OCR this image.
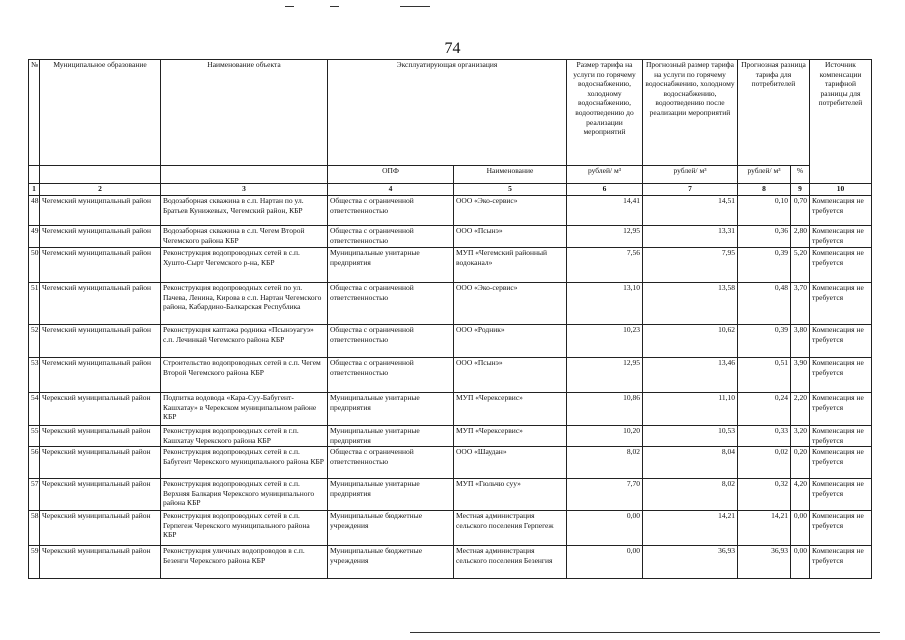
74
№	Муниципальное образование	Наименование объекта	Эксплуатирующая организация		Размер тарифа на услуги по горячему водоснабжению, холодному водоснабжению, водоотведению до реализации мероприятий	Прогнозный размер тарифа на услуги по горячему водоснабжению, холодному водоснабжению, водоотведению после реализации мероприятий	Прогнозная разница тарифа для потребителей		Источник компенсации тарифной разницы для потребителей

			ОПФ	Наименование	рублей/ м³	рублей/ м³	рублей/ м³	%	
1	2	3	4	5	6	7	8	9	10
48	Чегемский муниципальный район	Водозаборная скважина в с.п. Нартан по ул. Братьев Кунижевых, Чегемский район, КБР	Общества с ограниченной ответственностью	ООО «Эко-сервис»	14,41	14,51	0,10	0,70	Компенсация не требуется
49	Чегемский муниципальный район	Водозаборная скважина в с.п. Чегем Второй Чегемского района КБР	Общества с ограниченной ответственностью	ООО «Псынэ»	12,95	13,31	0,36	2,80	Компенсация не требуется
50	Чегемский муниципальный район	Реконструкция водопроводных сетей в с.п. Хушто-Сырт Чегемского р-на, КБР	Муниципальные унитарные предприятия	МУП «Чегемский районный водоканал»	7,56	7,95	0,39	5,20	Компенсация не требуется
51	Чегемский муниципальный район	Реконструкция водопроводных сетей по ул. Пачева, Ленина, Кирова в с.п. Нартан Чегемского района, Кабардино-Балкарская Республика	Общества с ограниченной ответственностью	ООО «Эко-сервис»	13,10	13,58	0,48	3,70	Компенсация не требуется
52	Чегемский муниципальный район	Реконструкция каптажа родника «Псынэуагуэ» с.п. Лечинкай Чегемского района КБР	Общества с ограниченной ответственностью	ООО «Родник»	10,23	10,62	0,39	3,80	Компенсация не требуется
53	Чегемский муниципальный район	Строительство водопроводных сетей в с.п. Чегем Второй Чегемского района КБР	Общества с ограниченной ответственностью	ООО «Псынэ»	12,95	13,46	0,51	3,90	Компенсация не требуется
54	Черекский муниципальный район	Подпитка водовода «Кара-Суу-Бабугент-Кашхатау» в Черекском муниципальном районе КБР	Муниципальные унитарные предприятия	МУП «Черексервис»	10,86	11,10	0,24	2,20	Компенсация не требуется
55	Черекский муниципальный район	Реконструкция водопроводных сетей в г.п. Кашхатау Черекского района КБР	Муниципальные унитарные предприятия	МУП «Черексервис»	10,20	10,53	0,33	3,20	Компенсация не требуется
56	Черекский муниципальный район	Реконструкция водопроводных сетей в с.п. Бабугент Черекского муниципального района КБР	Общества с ограниченной ответственностью	ООО «Шаудан»	8,02	8,04	0,02	0,20	Компенсация не требуется
57	Черекский муниципальный район	Реконструкция водопроводных сетей в с.п. Верхняя Балкария Черекского муниципального района КБР	Муниципальные унитарные предприятия	МУП «Гюльчю суу»	7,70	8,02	0,32	4,20	Компенсация не требуется
58	Черекский муниципальный район	Реконструкция водопроводных сетей в с.п. Герпегеж Черекского муниципального района КБР	Муниципальные бюджетные учреждения	Местная администрация сельского поселения Герпегеж	0,00	14,21	14,21	0,00	Компенсация не требуется
59	Черекский муниципальный район	Реконструкция уличных водопроводов в с.п. Безенги Черекского района КБР	Муниципальные бюджетные учреждения	Местная администрация сельского поселения Безенгия	0,00	36,93	36,93	0,00	Компенсация не требуется
